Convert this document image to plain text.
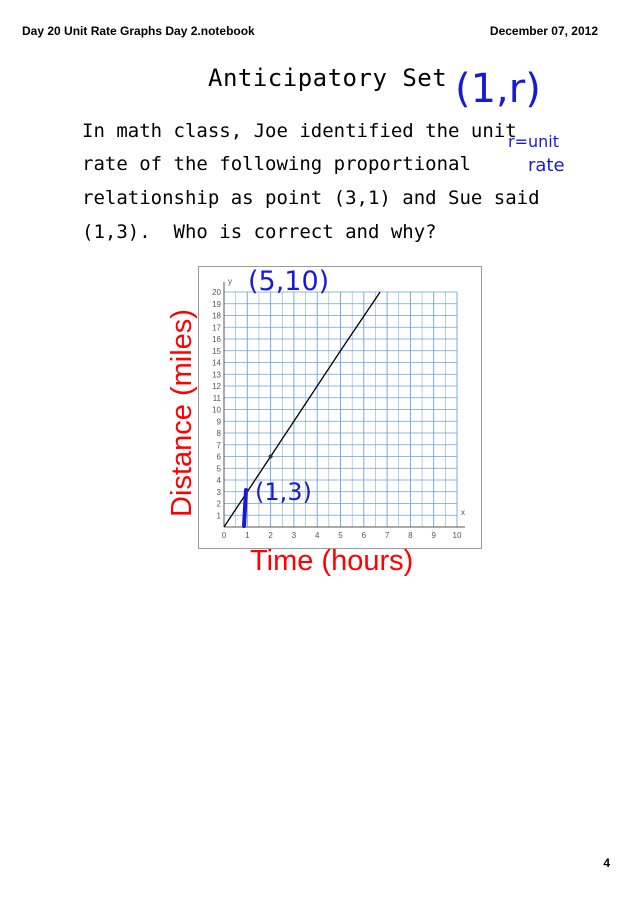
Day 20 Unit Rate Graphs Day 2.notebook	December 07, 2012
Anticipatory Set
In math class, Joe identified the unit
rate of the following proportional
relationship as point (3,1) and Sue said
(1,3).  Who is correct and why?
x
y
0 1 2 3 4 5 6 7 8 9 10
1
2
3
4
5
6
7
8
9
10
11
12
13
14
15
16
17
18
19
20
Distance (miles)
Time (hours)
4
(1,r)
r=unit
rate
(5,10)
(1,3)
